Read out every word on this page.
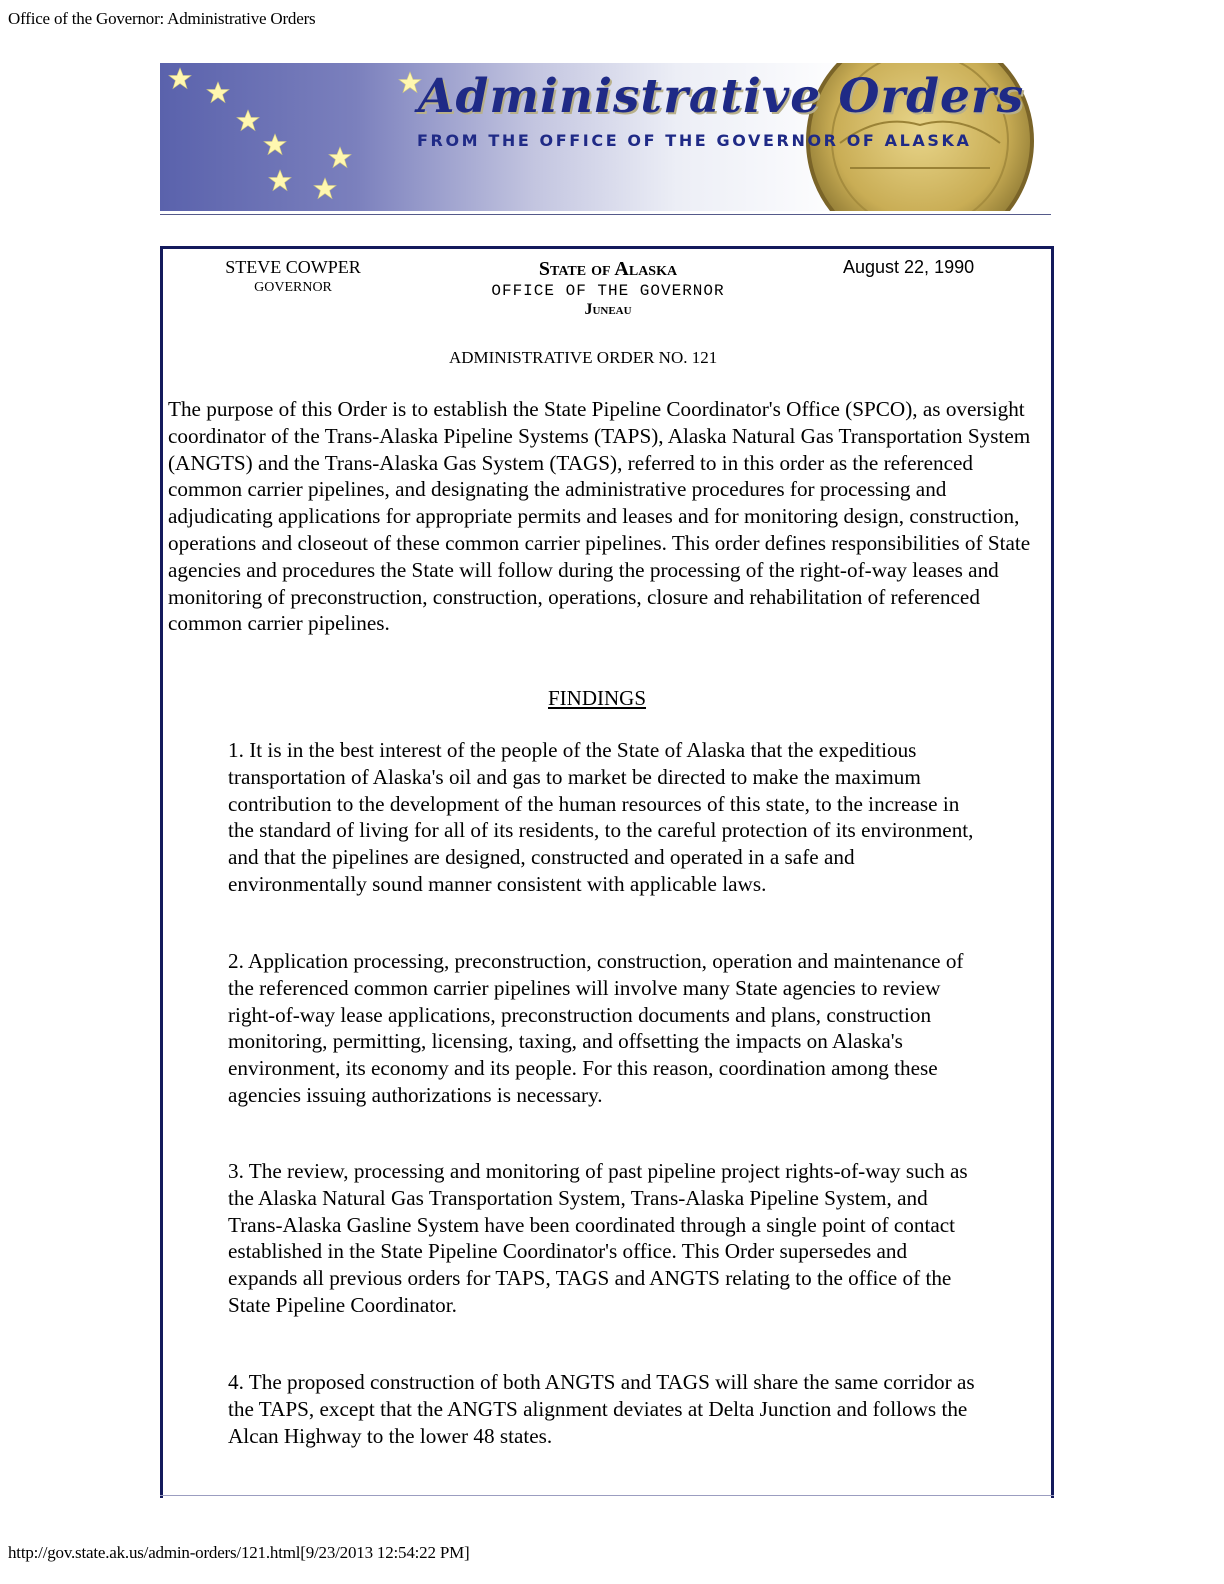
Office of the Governor: Administrative Orders
Administrative Orders
FROM THE OFFICE OF THE GOVERNOR OF ALASKA
STEVE COWPER
GOVERNOR
State of Alaska
OFFICE OF THE GOVERNOR
Juneau
August 22, 1990
ADMINISTRATIVE ORDER NO. 121
The purpose of this Order is to establish the State Pipeline Coordinator's Office (SPCO), as oversight coordinator of the Trans-Alaska Pipeline Systems (TAPS), Alaska Natural Gas Transportation System (ANGTS) and the Trans-Alaska Gas System (TAGS), referred to in this order as the referenced common carrier pipelines, and designating the administrative procedures for processing and adjudicating applications for appropriate permits and leases and for monitoring design, construction, operations and closeout of these common carrier pipelines. This order defines responsibilities of State agencies and procedures the State will follow during the processing of the right-of-way leases and monitoring of preconstruction, construction, operations, closure and rehabilitation of referenced common carrier pipelines.
FINDINGS
1. It is in the best interest of the people of the State of Alaska that the expeditious transportation of Alaska's oil and gas to market be directed to make the maximum contribution to the development of the human resources of this state, to the increase in the standard of living for all of its residents, to the careful protection of its environment, and that the pipelines are designed, constructed and operated in a safe and environmentally sound manner consistent with applicable laws.
2. Application processing, preconstruction, construction, operation and maintenance of the referenced common carrier pipelines will involve many State agencies to review right-of-way lease applications, preconstruction documents and plans, construction monitoring, permitting, licensing, taxing, and offsetting the impacts on Alaska's environment, its economy and its people. For this reason, coordination among these agencies issuing authorizations is necessary.
3. The review, processing and monitoring of past pipeline project rights-of-way such as the Alaska Natural Gas Transportation System, Trans-Alaska Pipeline System, and Trans-Alaska Gasline System have been coordinated through a single point of contact established in the State Pipeline Coordinator's office. This Order supersedes and expands all previous orders for TAPS, TAGS and ANGTS relating to the office of the State Pipeline Coordinator.
4. The proposed construction of both ANGTS and TAGS will share the same corridor as the TAPS, except that the ANGTS alignment deviates at Delta Junction and follows the Alcan Highway to the lower 48 states.
http://gov.state.ak.us/admin-orders/121.html[9/23/2013 12:54:22 PM]
